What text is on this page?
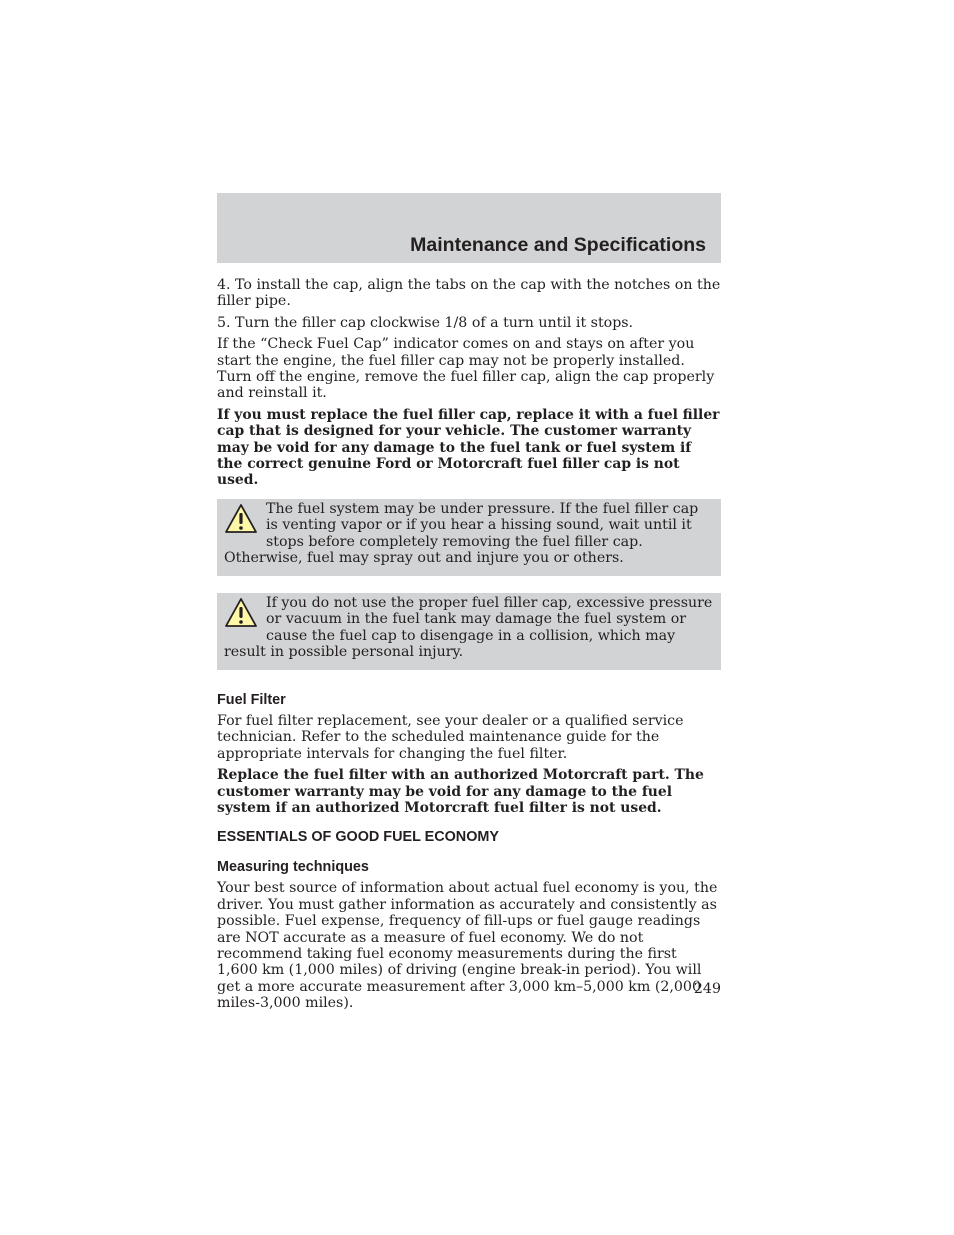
Maintenance and Specifications

4. To install the cap, align the tabs on the cap with the notches on the filler pipe.

5. Turn the filler cap clockwise 1/8 of a turn until it stops.

If the “Check Fuel Cap” indicator comes on and stays on after you start the engine, the fuel filler cap may not be properly installed. Turn off the engine, remove the fuel filler cap, align the cap properly and reinstall it.

If you must replace the fuel filler cap, replace it with a fuel filler cap that is designed for your vehicle. The customer warranty may be void for any damage to the fuel tank or fuel system if the correct genuine Ford or Motorcraft fuel filler cap is not used.

The fuel system may be under pressure. If the fuel filler cap is venting vapor or if you hear a hissing sound, wait until it stops before completely removing the fuel filler cap. Otherwise, fuel may spray out and injure you or others.
If you do not use the proper fuel filler cap, excessive pressure or vacuum in the fuel tank may damage the fuel system or cause the fuel cap to disengage in a collision, which may result in possible personal injury.
Fuel Filter

For fuel filter replacement, see your dealer or a qualified service technician. Refer to the scheduled maintenance guide for the appropriate intervals for changing the fuel filter.

Replace the fuel filter with an authorized Motorcraft part. The customer warranty may be void for any damage to the fuel system if an authorized Motorcraft fuel filter is not used.

ESSENTIALS OF GOOD FUEL ECONOMY
Measuring techniques

Your best source of information about actual fuel economy is you, the driver. You must gather information as accurately and consistently as possible. Fuel expense, frequency of fill-ups or fuel gauge readings are NOT accurate as a measure of fuel economy. We do not recommend taking fuel economy measurements during the first 1,600 km (1,000 miles) of driving (engine break-in period). You will get a more accurate measurement after 3,000 km–5,000 km (2,000 miles-3,000 miles).

249
